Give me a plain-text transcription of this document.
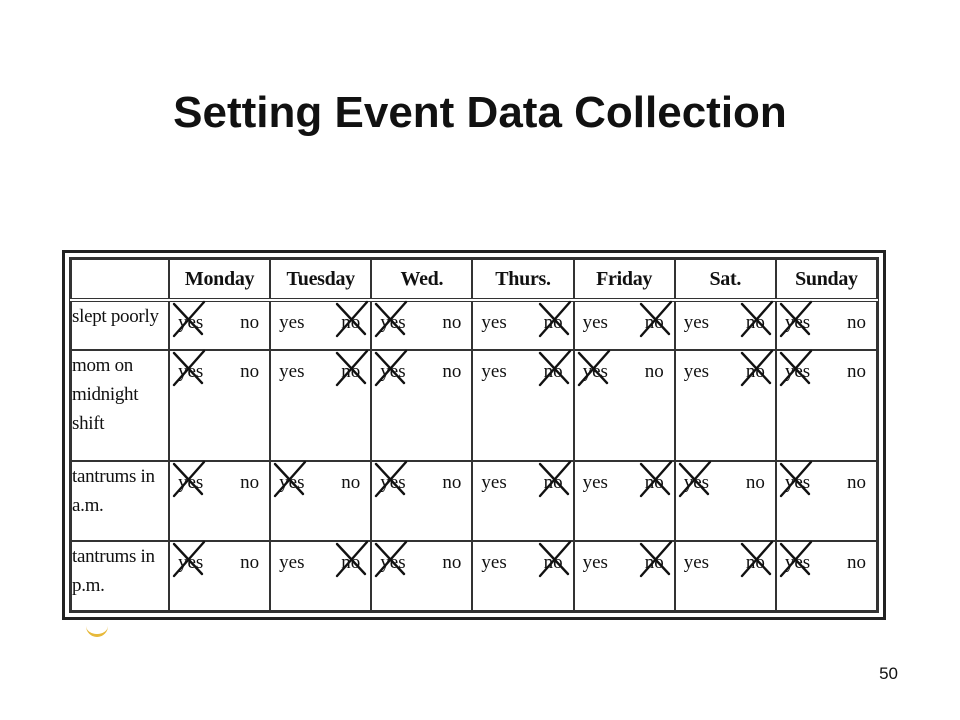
Setting Event Data Collection
	Monday	Tuesday	Wed.	Thurs.	Friday	Sat.	Sunday
slept poorly	yes no	yes no	yes no	yes no	yes no	yes no	yes no

mom on midnight shift	yes no	yes no	yes no	yes no	yes no	yes no	yes no

tantrums in a.m.	yes no	yes no	yes no	yes no	yes no	yes no	yes no

tantrums in p.m.	yes no	yes no	yes no	yes no	yes no	yes no	yes no
50
